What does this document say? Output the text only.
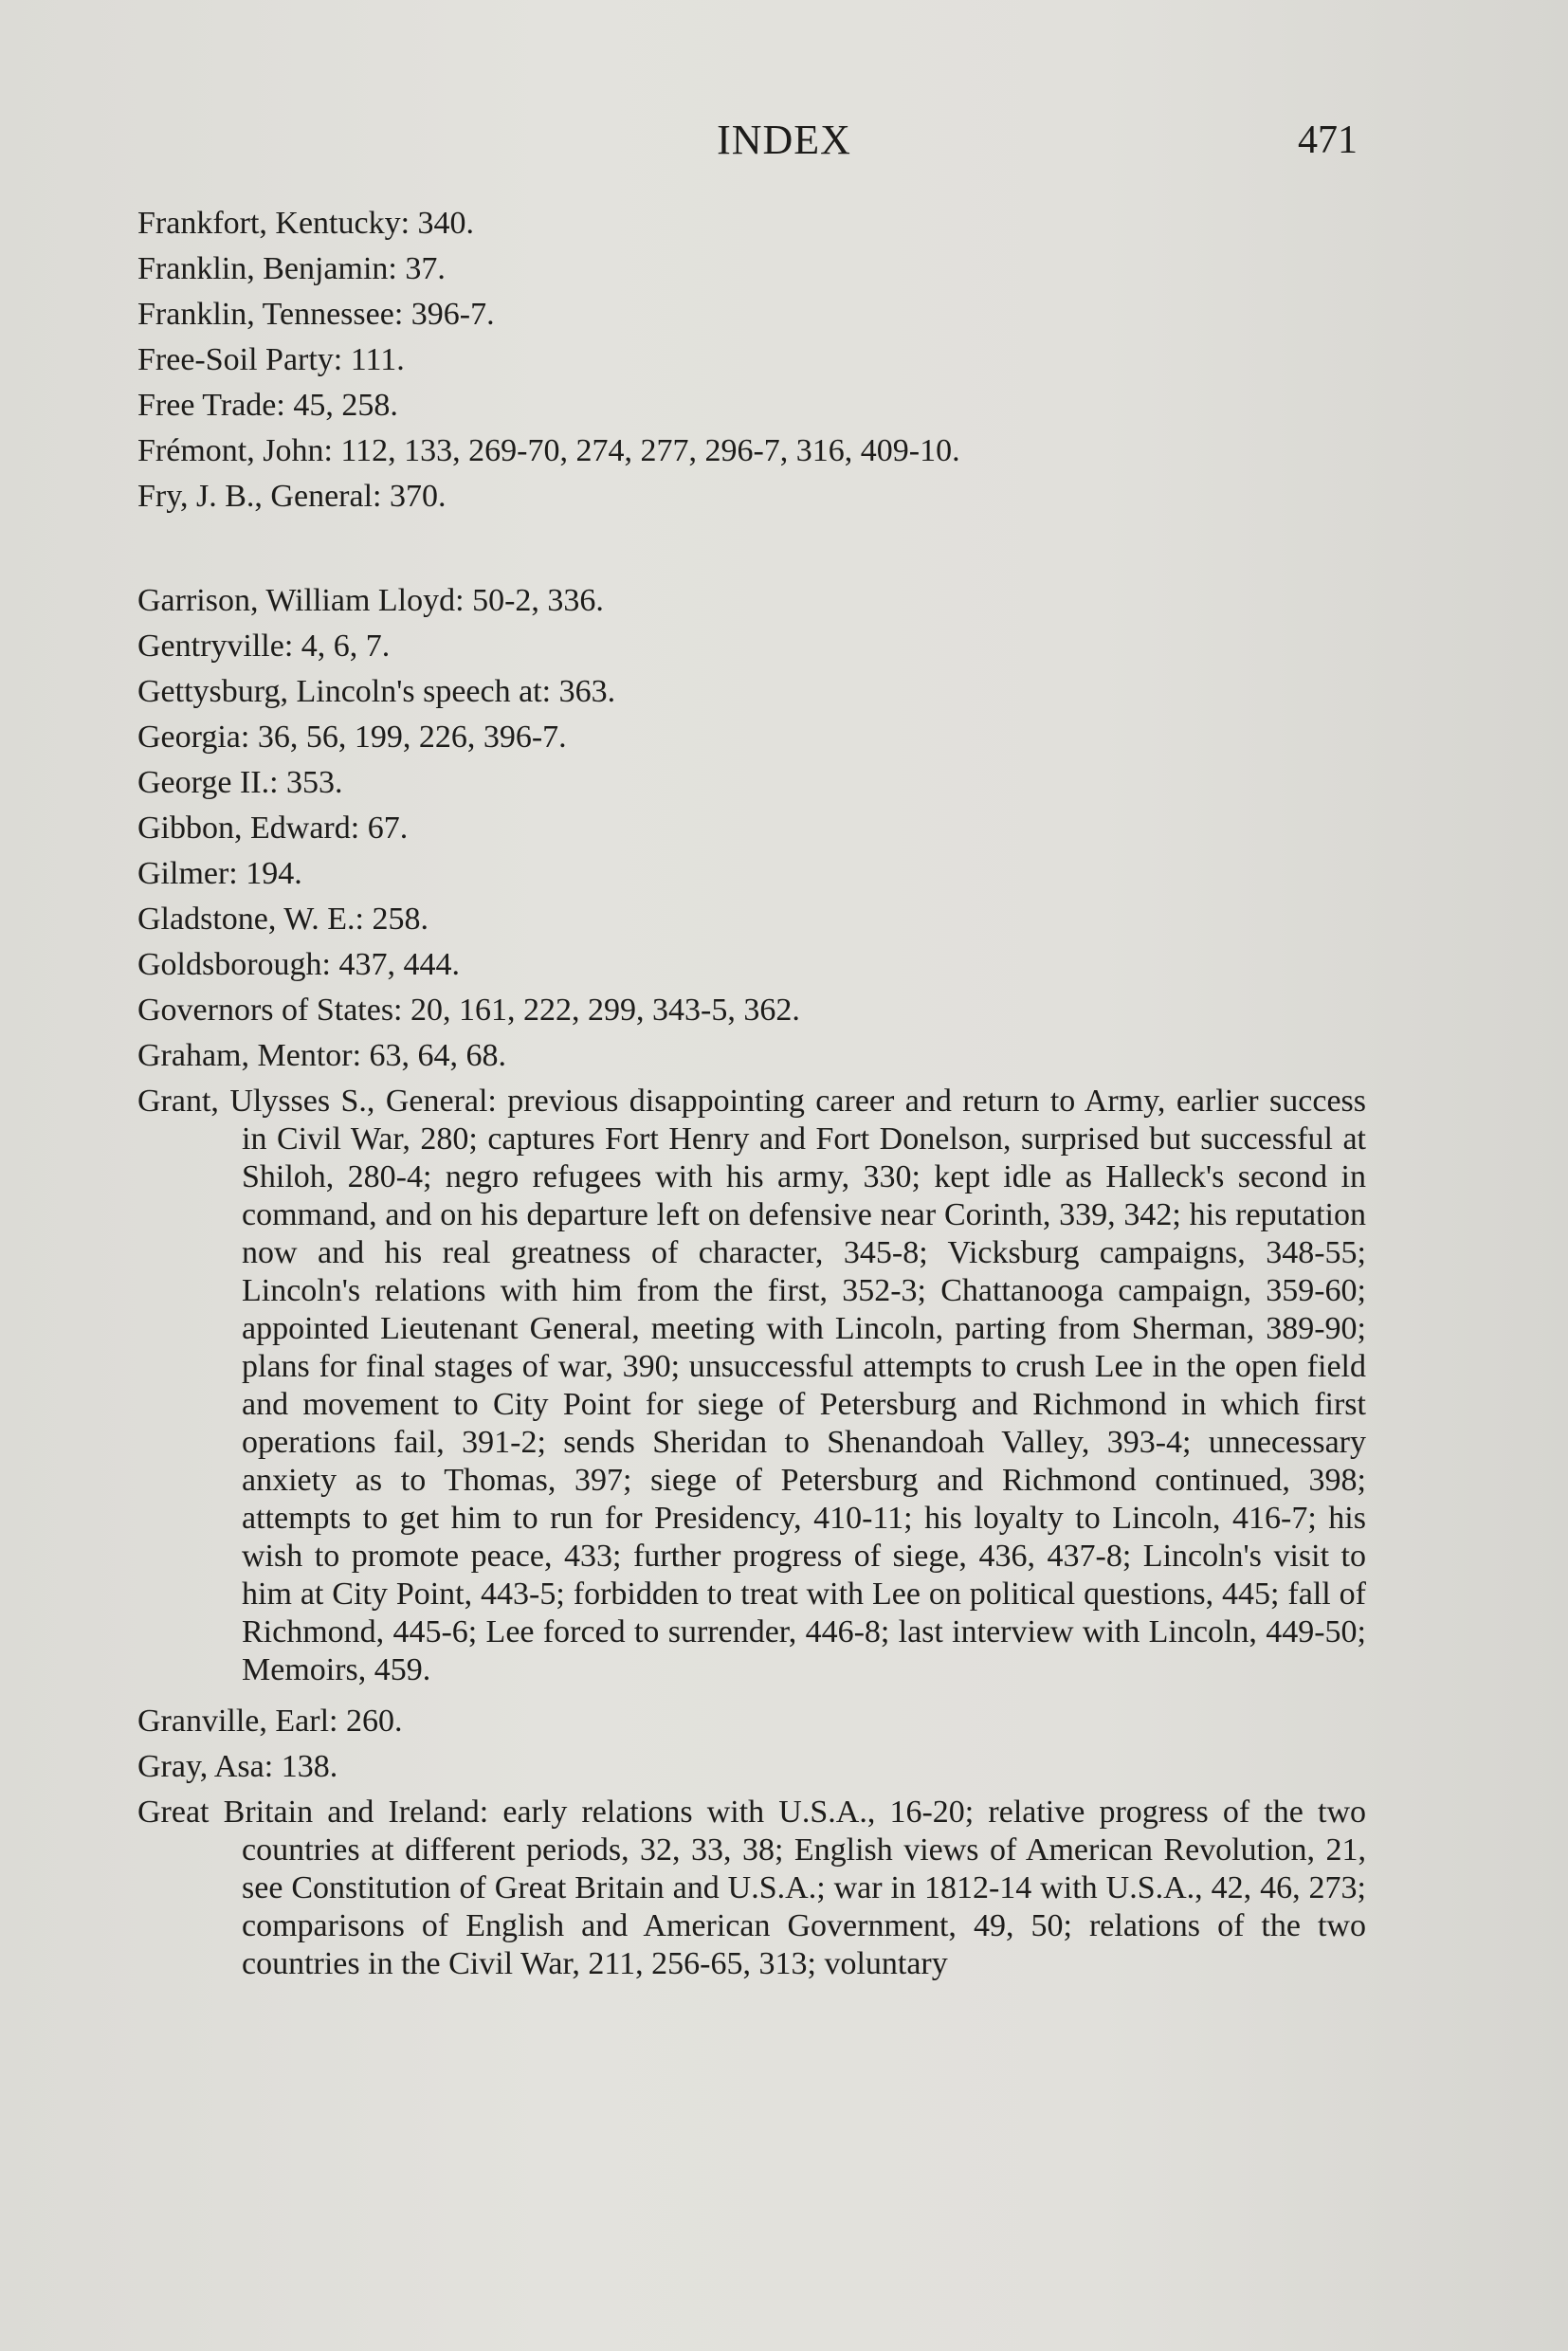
INDEX	471
Frankfort, Kentucky: 340.
Franklin, Benjamin: 37.
Franklin, Tennessee: 396-7.
Free-Soil Party: 111.
Free Trade: 45, 258.
Frémont, John: 112, 133, 269-70, 274, 277, 296-7, 316, 409-10.
Fry, J. B., General: 370.
Garrison, William Lloyd: 50-2, 336.
Gentryville: 4, 6, 7.
Gettysburg, Lincoln's speech at: 363.
Georgia: 36, 56, 199, 226, 396-7.
George II.: 353.
Gibbon, Edward: 67.
Gilmer: 194.
Gladstone, W. E.: 258.
Goldsborough: 437, 444.
Governors of States: 20, 161, 222, 299, 343-5, 362.
Graham, Mentor: 63, 64, 68.
Grant, Ulysses S., General: previous disappointing career and return to Army, earlier success in Civil War, 280; captures Fort Henry and Fort Donelson, surprised but successful at Shiloh, 280-4; negro refugees with his army, 330; kept idle as Halleck's second in command, and on his departure left on defensive near Corinth, 339, 342; his reputation now and his real greatness of character, 345-8; Vicksburg campaigns, 348-55; Lincoln's relations with him from the first, 352-3; Chattanooga campaign, 359-60; appointed Lieutenant General, meeting with Lincoln, parting from Sherman, 389-90; plans for final stages of war, 390; unsuccessful attempts to crush Lee in the open field and movement to City Point for siege of Petersburg and Richmond in which first operations fail, 391-2; sends Sheridan to Shenandoah Valley, 393-4; unnecessary anxiety as to Thomas, 397; siege of Petersburg and Richmond continued, 398; attempts to get him to run for Presidency, 410-11; his loyalty to Lincoln, 416-7; his wish to promote peace, 433; further progress of siege, 436, 437-8; Lincoln's visit to him at City Point, 443-5; forbidden to treat with Lee on political questions, 445; fall of Richmond, 445-6; Lee forced to surrender, 446-8; last interview with Lincoln, 449-50; Memoirs, 459.
Granville, Earl: 260.
Gray, Asa: 138.
Great Britain and Ireland: early relations with U.S.A., 16-20; relative progress of the two countries at different periods, 32, 33, 38; English views of American Revolution, 21, see Constitution of Great Britain and U.S.A.; war in 1812-14 with U.S.A., 42, 46, 273; comparisons of English and American Government, 49, 50; relations of the two countries in the Civil War, 211, 256-65, 313; voluntary
